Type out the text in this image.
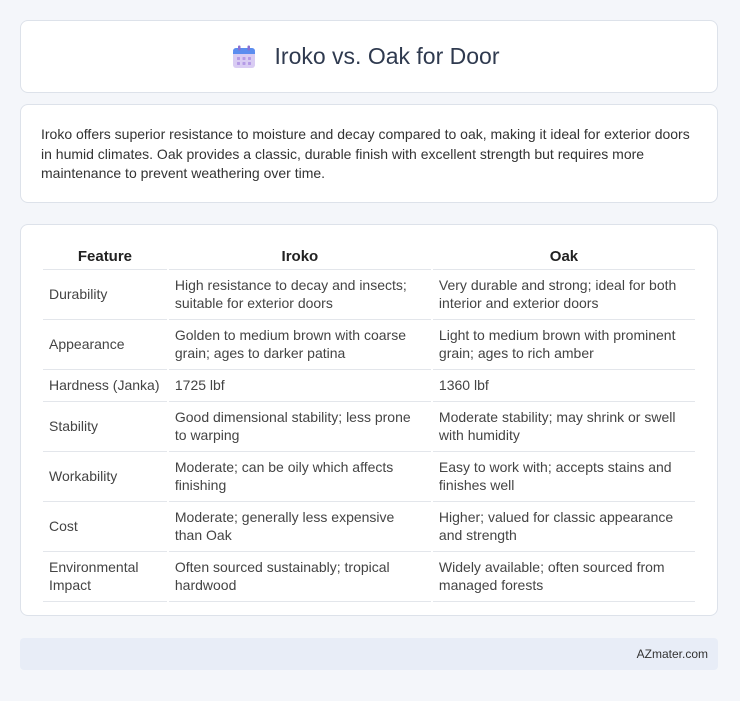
Iroko vs. Oak for Door

Iroko offers superior resistance to moisture and decay compared to oak, making it ideal for exterior doors in humid climates. Oak provides a classic, durable finish with excellent strength but requires more maintenance to prevent weathering over time.

Feature	Iroko	Oak
Durability	High resistance to decay and insects; suitable for exterior doors	Very durable and strong; ideal for both interior and exterior doors
Appearance	Golden to medium brown with coarse grain; ages to darker patina	Light to medium brown with prominent grain; ages to rich amber
Hardness (Janka)	1725 lbf	1360 lbf
Stability	Good dimensional stability; less prone to warping	Moderate stability; may shrink or swell with humidity
Workability	Moderate; can be oily which affects finishing	Easy to work with; accepts stains and finishes well
Cost	Moderate; generally less expensive than Oak	Higher; valued for classic appearance and strength
Environmental Impact	Often sourced sustainably; tropical hardwood	Widely available; often sourced from managed forests
AZmater.com
